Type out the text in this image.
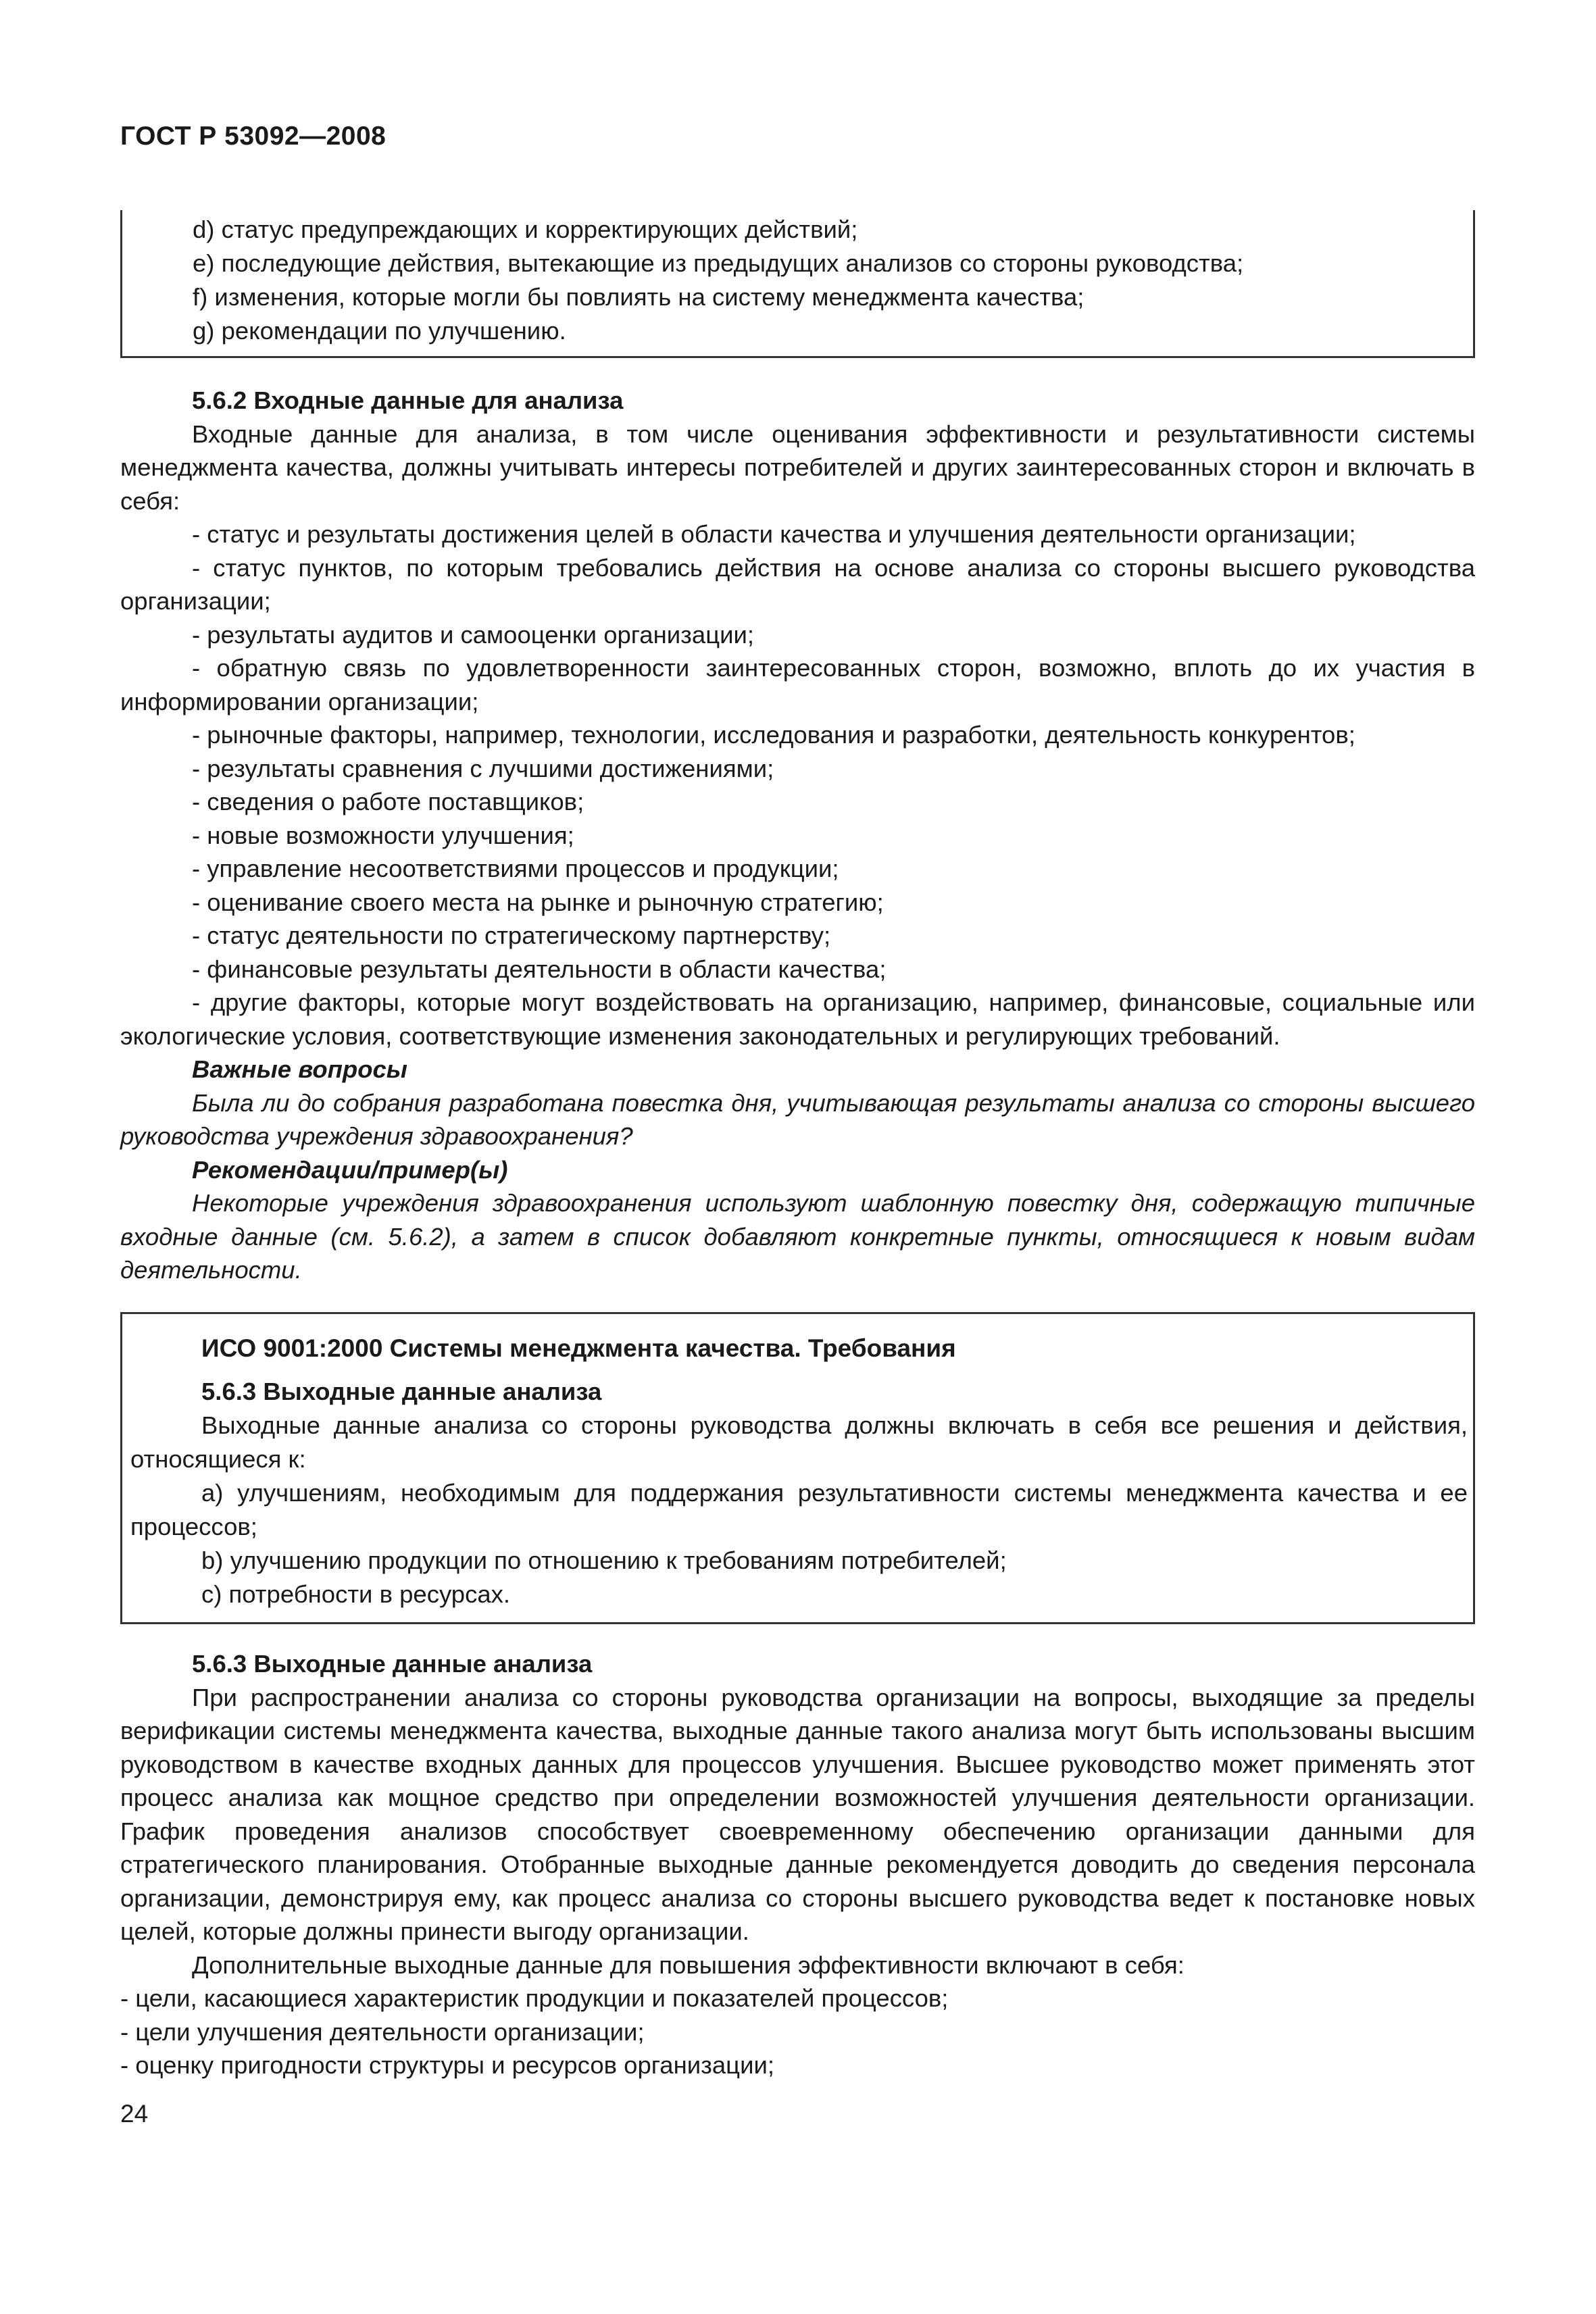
ГОСТ Р 53092—2008

d) статус предупреждающих и корректирующих действий;

е) последующие действия, вытекающие из предыдущих анализов со стороны руководства;

f) изменения, которые могли бы повлиять на систему менеджмента качества;

g) рекомендации по улучшению.

5.6.2 Входные данные для анализа

Входные данные для анализа, в том числе оценивания эффективности и результативности системы менеджмента качества, должны учитывать интересы потребителей и других заинтересованных сторон и включать в себя:

- статус и результаты достижения целей в области качества и улучшения деятельности организации;

- статус пунктов, по которым требовались действия на основе анализа со стороны высшего руководства организации;

- результаты аудитов и самооценки организации;

- обратную связь по удовлетворенности заинтересованных сторон, возможно, вплоть до их участия в информировании организации;

- рыночные факторы, например, технологии, исследования и разработки, деятельность конкурентов;

- результаты сравнения с лучшими достижениями;

- сведения о работе поставщиков;

- новые возможности улучшения;

- управление несоответствиями процессов и продукции;

- оценивание своего места на рынке и рыночную стратегию;

- статус деятельности по стратегическому партнерству;

- финансовые результаты деятельности в области качества;

- другие факторы, которые могут воздействовать на организацию, например, финансовые, социальные или экологические условия, соответствующие изменения законодательных и регулирующих требований.

Важные вопросы

Была ли до собрания разработана повестка дня, учитывающая результаты анализа со стороны высшего руководства учреждения здравоохранения?

Рекомендации/пример(ы)

Некоторые учреждения здравоохранения используют шаблонную повестку дня, содержащую типичные входные данные (см. 5.6.2), а затем в список добавляют конкретные пункты, относящиеся к новым видам деятельности.

ИСО 9001:2000 Системы менеджмента качества. Требования

5.6.3 Выходные данные анализа

Выходные данные анализа со стороны руководства должны включать в себя все решения и действия, относящиеся к:

а) улучшениям, необходимым для поддержания результативности системы менеджмента качества и ее процессов;

b) улучшению продукции по отношению к требованиям потребителей;

с) потребности в ресурсах.

5.6.3 Выходные данные анализа

При распространении анализа со стороны руководства организации на вопросы, выходящие за пределы верификации системы менеджмента качества, выходные данные такого анализа могут быть использованы высшим руководством в качестве входных данных для процессов улучшения. Высшее руководство может применять этот процесс анализа как мощное средство при определении возможностей улучшения деятельности организации. График проведения анализов способствует своевременному обеспечению организации данными для стратегического планирования. Отобранные выходные данные рекомендуется доводить до сведения персонала организации, демонстрируя ему, как процесс анализа со стороны высшего руководства ведет к постановке новых целей, которые должны принести выгоду организации.

Дополнительные выходные данные для повышения эффективности включают в себя:

- цели, касающиеся характеристик продукции и показателей процессов;

- цели улучшения деятельности организации;

- оценку пригодности структуры и ресурсов организации;

24
